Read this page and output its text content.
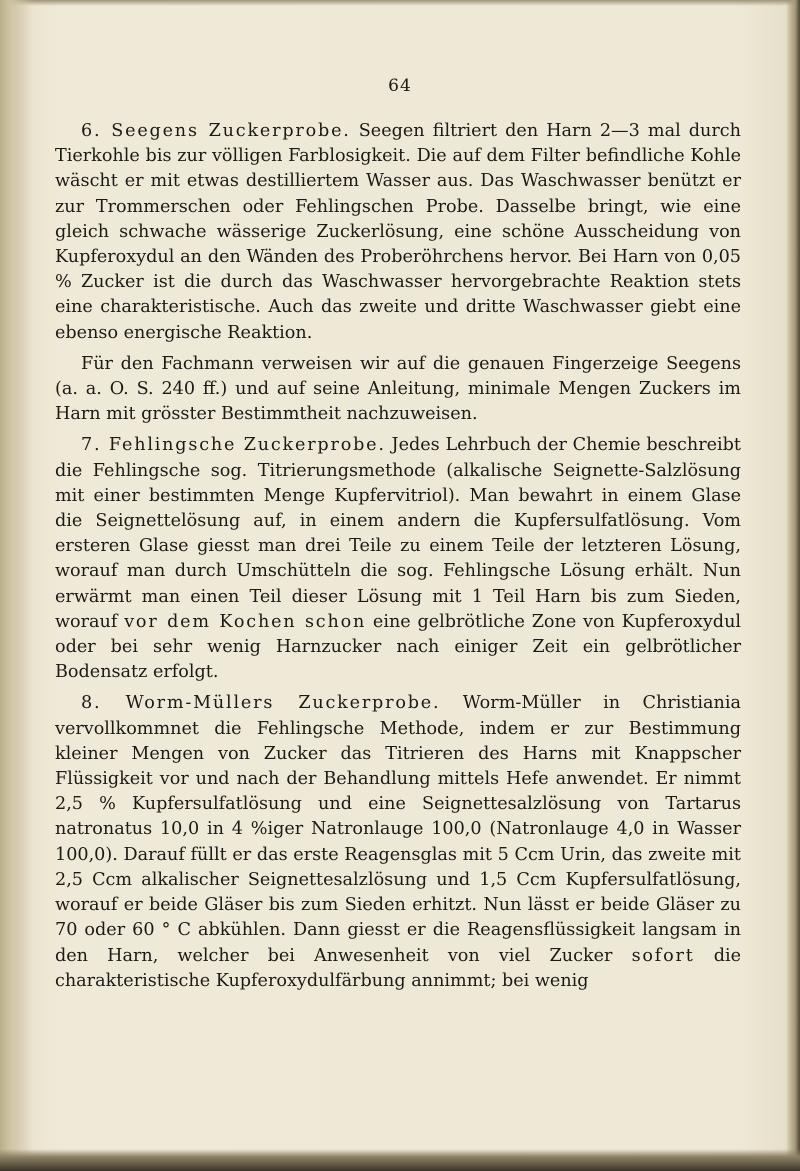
64

6. Seegens Zuckerprobe. Seegen filtriert den Harn 2—3 mal durch Tierkohle bis zur völligen Farblosigkeit. Die auf dem Filter befindliche Kohle wäscht er mit etwas destilliertem Wasser aus. Das Waschwasser benützt er zur Trommerschen oder Fehlingschen Probe. Dasselbe bringt, wie eine gleich schwache wässerige Zuckerlösung, eine schöne Ausscheidung von Kupferoxydul an den Wänden des Proberöhrchens hervor. Bei Harn von 0,05 % Zucker ist die durch das Waschwasser hervorgebrachte Reaktion stets eine charakteristische. Auch das zweite und dritte Waschwasser giebt eine ebenso energische Reaktion.

Für den Fachmann verweisen wir auf die genauen Fingerzeige Seegens (a. a. O. S. 240 ff.) und auf seine Anleitung, minimale Mengen Zuckers im Harn mit grösster Bestimmtheit nachzuweisen.

7. Fehlingsche Zuckerprobe. Jedes Lehrbuch der Chemie beschreibt die Fehlingsche sog. Titrierungsmethode (alkalische Seignette-Salzlösung mit einer bestimmten Menge Kupfervitriol). Man bewahrt in einem Glase die Seignettelösung auf, in einem andern die Kupfersulfatlösung. Vom ersteren Glase giesst man drei Teile zu einem Teile der letzteren Lösung, worauf man durch Umschütteln die sog. Fehlingsche Lösung erhält. Nun erwärmt man einen Teil dieser Lösung mit 1 Teil Harn bis zum Sieden, worauf vor dem Kochen schon eine gelbrötliche Zone von Kupferoxydul oder bei sehr wenig Harnzucker nach einiger Zeit ein gelbrötlicher Bodensatz erfolgt.

8. Worm-Müllers Zuckerprobe. Worm-Müller in Christiania vervollkommnet die Fehlingsche Methode, indem er zur Bestimmung kleiner Mengen von Zucker das Titrieren des Harns mit Knappscher Flüssigkeit vor und nach der Behandlung mittels Hefe anwendet. Er nimmt 2,5 % Kupfersulfatlösung und eine Seignettesalzlösung von Tartarus natronatus 10,0 in 4 %iger Natronlauge 100,0 (Natronlauge 4,0 in Wasser 100,0). Darauf füllt er das erste Reagensglas mit 5 Ccm Urin, das zweite mit 2,5 Ccm alkalischer Seignettesalzlösung und 1,5 Ccm Kupfersulfatlösung, worauf er beide Gläser bis zum Sieden erhitzt. Nun lässt er beide Gläser zu 70 oder 60 ° C abkühlen. Dann giesst er die Reagensflüssigkeit langsam in den Harn, welcher bei Anwesenheit von viel Zucker sofort die charakteristische Kupferoxydulfärbung annimmt; bei wenig
